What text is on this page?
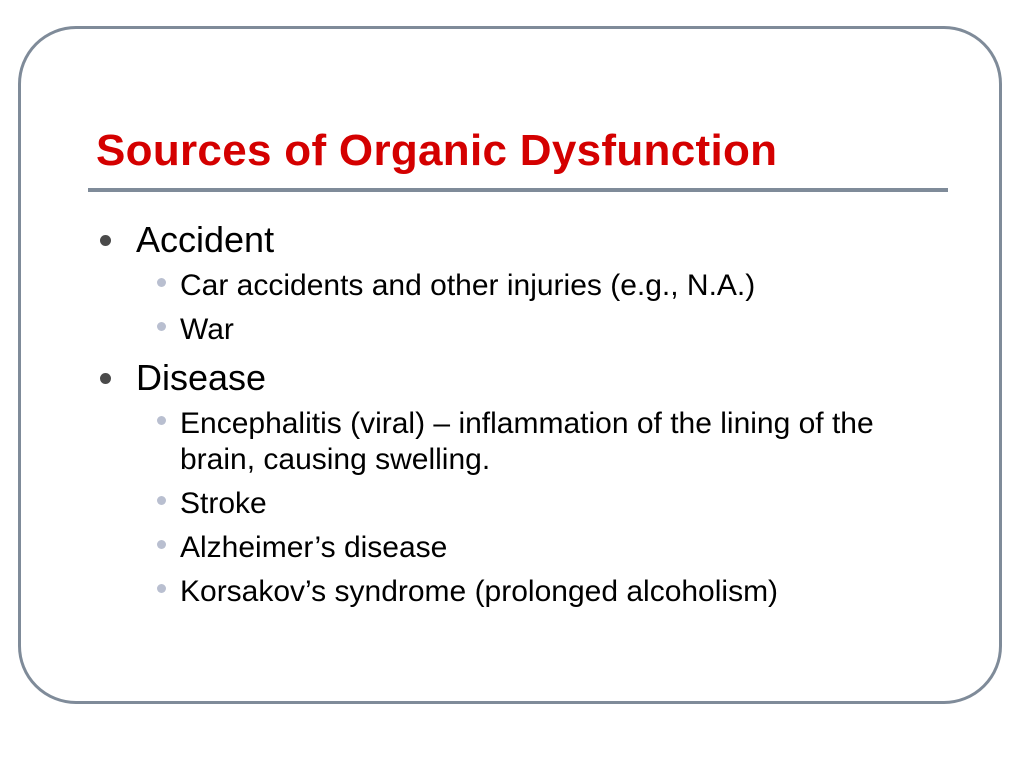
Sources of Organic Dysfunction
Accident
Car accidents and other injuries (e.g., N.A.)
War
Disease
Encephalitis (viral) – inflammation of the lining of the brain, causing swelling.
Stroke
Alzheimer’s disease
Korsakov’s syndrome (prolonged alcoholism)
